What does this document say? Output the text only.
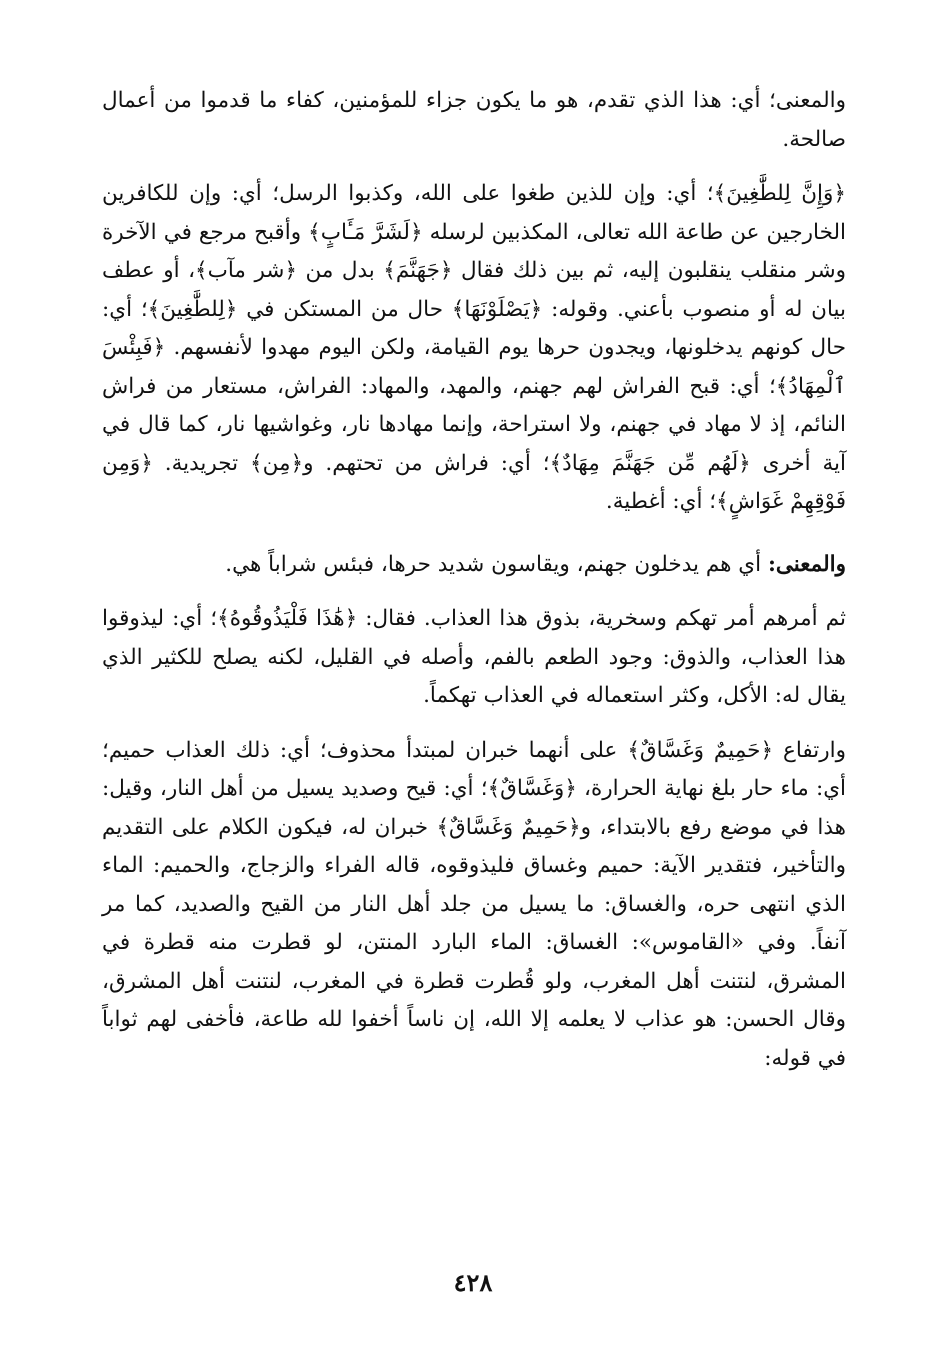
والمعنى؛ أي: هذا الذي تقدم، هو ما يكون جزاء للمؤمنين، كفاء ما قدموا من أعمال صالحة.

﴿وَإِنَّ لِلطَّٰغِينَ﴾؛ أي: وإن للذين طغوا على الله، وكذبوا الرسل؛ أي: وإن للكافرين الخارجين عن طاعة الله تعالى، المكذبين لرسله ﴿لَشَرَّ مَـَٔابٍ﴾ وأقبح مرجع في الآخرة وشر منقلب ينقلبون إليه، ثم بين ذلك فقال ﴿جَهَنَّمَ﴾ بدل من ﴿شر مآب﴾، أو عطف بيان له أو منصوب بأعني. وقوله: ﴿يَصْلَوْنَهَا﴾ حال من المستكن في ﴿لِلطَّٰغِينَ﴾؛ أي: حال كونهم يدخلونها، ويجدون حرها يوم القيامة، ولكن اليوم مهدوا لأنفسهم. ﴿فَبِئْسَ ٱلْمِهَادُ﴾؛ أي: قبح الفراش لهم جهنم، والمهد، والمهاد: الفراش، مستعار من فراش النائم، إذ لا مهاد في جهنم، ولا استراحة، وإنما مهادها نار، وغواشيها نار، كما قال في آية أخرى ﴿لَهُم مِّن جَهَنَّمَ مِهَادٌ﴾؛ أي: فراش من تحتهم. و﴿مِن﴾ تجريدية. ﴿وَمِن فَوْقِهِمْ غَوَاشٍ﴾؛ أي: أغطية.

والمعنى: أي هم يدخلون جهنم، ويقاسون شديد حرها، فبئس شراباً هي.

ثم أمرهم أمر تهكم وسخرية، بذوق هذا العذاب. فقال: ﴿هَٰذَا فَلْيَذُوقُوهُ﴾؛ أي: ليذوقوا هذا العذاب، والذوق: وجود الطعم بالفم، وأصله في القليل، لكنه يصلح للكثير الذي يقال له: الأكل، وكثر استعماله في العذاب تهكماً.

وارتفاع ﴿حَمِيمٌ وَغَسَّاقٌ﴾ على أنهما خبران لمبتدأ محذوف؛ أي: ذلك العذاب حميم؛ أي: ماء حار بلغ نهاية الحرارة، ﴿وَغَسَّاقٌ﴾؛ أي: قيح وصديد يسيل من أهل النار، وقيل: هذا في موضع رفع بالابتداء، و﴿حَمِيمٌ وَغَسَّاقٌ﴾ خبران له، فيكون الكلام على التقديم والتأخير، فتقدير الآية: حميم وغساق فليذوقوه، قاله الفراء والزجاج، والحميم: الماء الذي انتهى حره، والغساق: ما يسيل من جلد أهل النار من القيح والصديد، كما مر آنفاً. وفي «القاموس»: الغساق: الماء البارد المنتن، لو قطرت منه قطرة في المشرق، لنتنت أهل المغرب، ولو قُطرت قطرة في المغرب، لنتنت أهل المشرق، وقال الحسن: هو عذاب لا يعلمه إلا الله، إن ناساً أخفوا لله طاعة، فأخفى لهم ثواباً في قوله:

٤٢٨
